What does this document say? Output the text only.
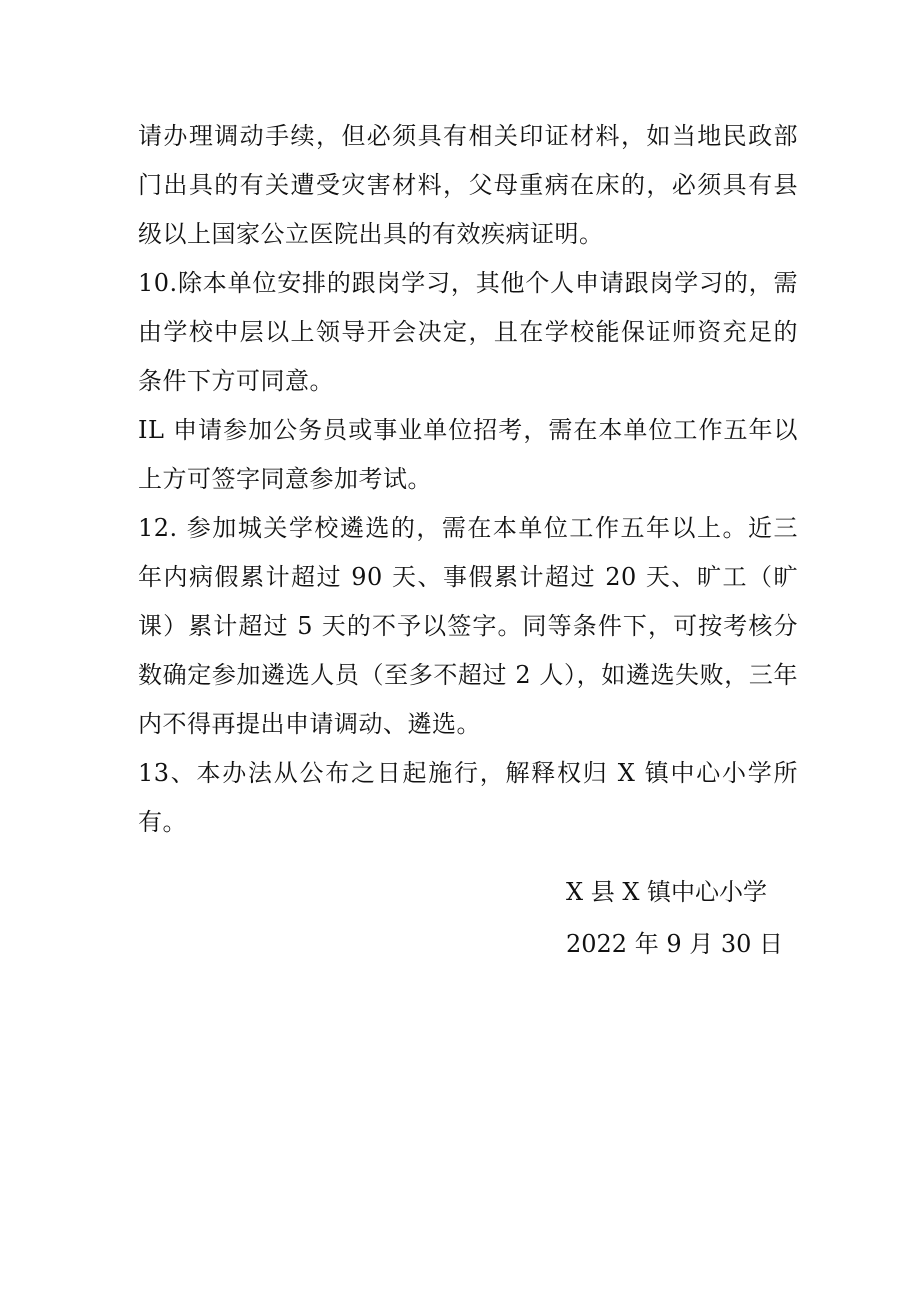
请办理调动手续，但必须具有相关印证材料，如当地民政部门出具的有关遭受灾害材料，父母重病在床的，必须具有县级以上国家公立医院出具的有效疾病证明。

10.除本单位安排的跟岗学习，其他个人申请跟岗学习的，需由学校中层以上领导开会决定，且在学校能保证师资充足的条件下方可同意。

IL 申请参加公务员或事业单位招考，需在本单位工作五年以上方可签字同意参加考试。

12. 参加城关学校遴选的，需在本单位工作五年以上。近三年内病假累计超过 90 天、事假累计超过 20 天、旷工（旷课）累计超过 5 天的不予以签字。同等条件下，可按考核分数确定参加遴选人员（至多不超过 2 人），如遴选失败，三年内不得再提出申请调动、遴选。

13、本办法从公布之日起施行，解释权归 X 镇中心小学所有。

X 县 X 镇中心小学

2022 年 9 月 30 日
